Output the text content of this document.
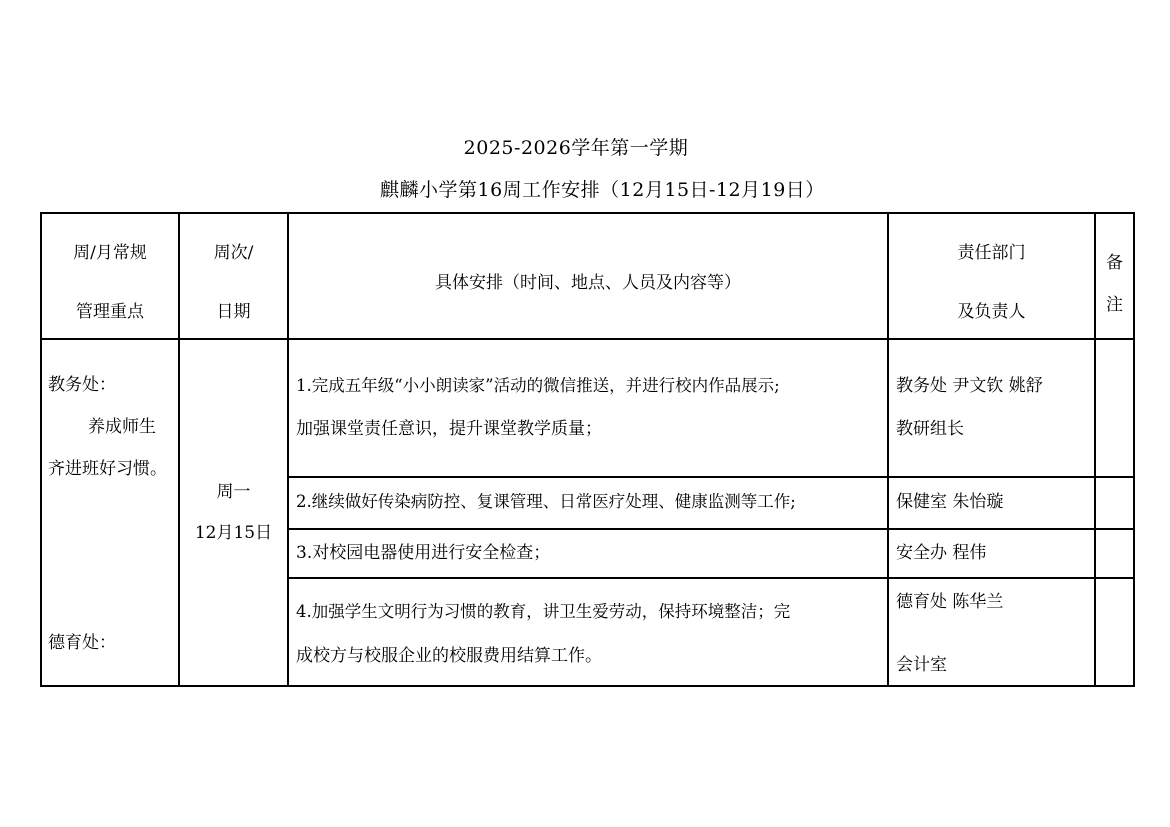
2025-2026学年第一学期
麒麟小学第16周工作安排（12月15日-12月19日）
周/月常规
管理重点
周次/
日期
具体安排（时间、地点、人员及内容等）
责任部门
及负责人
备
注
教务处：
养成师生
齐进班好习惯。
德育处：
周一
12月15日
1.完成五年级“小小朗读家”活动的微信推送，并进行校内作品展示;
加强课堂责任意识，提升课堂教学质量；
教务处 尹文钦 姚舒
教研组长
2.继续做好传染病防控、复课管理、日常医疗处理、健康监测等工作;	保健室 朱怡璇
3.对校园电器使用进行安全检查；	安全办 程伟
4.加强学生文明行为习惯的教育，讲卫生爱劳动，保持环境整洁；完
成校方与校服企业的校服费用结算工作。
德育处 陈华兰
会计室
